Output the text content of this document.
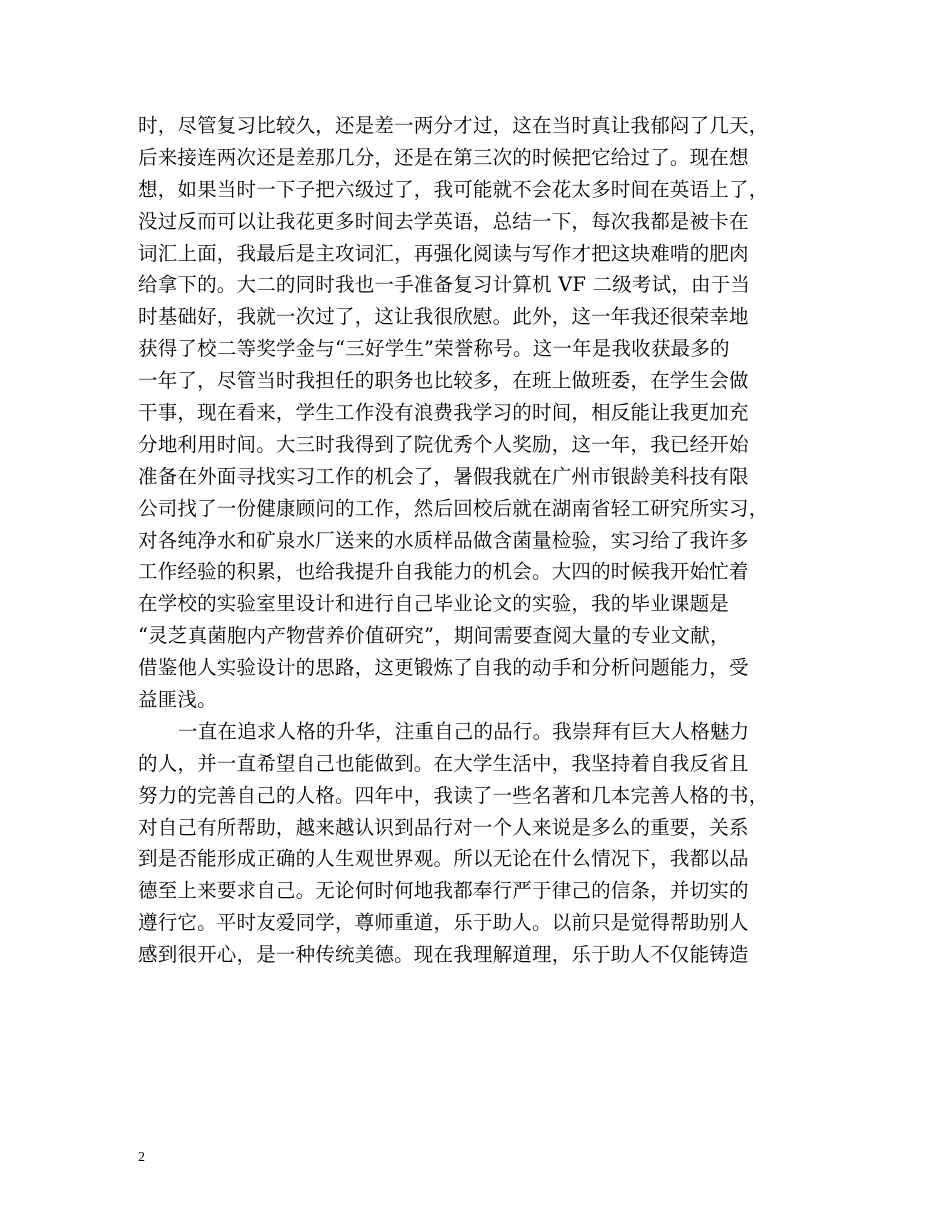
时，尽管复习比较久，还是差一两分才过，这在当时真让我郁闷了几天，
后来接连两次还是差那几分，还是在第三次的时候把它给过了。现在想
想，如果当时一下子把六级过了，我可能就不会花太多时间在英语上了，
没过反而可以让我花更多时间去学英语，总结一下，每次我都是被卡在
词汇上面，我最后是主攻词汇，再强化阅读与写作才把这块难啃的肥肉
给拿下的。大二的同时我也一手准备复习计算机 VF 二级考试，由于当
时基础好，我就一次过了，这让我很欣慰。此外，这一年我还很荣幸地
获得了校二等奖学金与“三好学生”荣誉称号。这一年是我收获最多的
一年了，尽管当时我担任的职务也比较多，在班上做班委，在学生会做
干事，现在看来，学生工作没有浪费我学习的时间，相反能让我更加充
分地利用时间。大三时我得到了院优秀个人奖励，这一年，我已经开始
准备在外面寻找实习工作的机会了，暑假我就在广州市银龄美科技有限
公司找了一份健康顾问的工作，然后回校后就在湖南省轻工研究所实习，
对各纯净水和矿泉水厂送来的水质样品做含菌量检验，实习给了我许多
工作经验的积累，也给我提升自我能力的机会。大四的时候我开始忙着
在学校的实验室里设计和进行自己毕业论文的实验，我的毕业课题是
“灵芝真菌胞内产物营养价值研究”，期间需要查阅大量的专业文献，
借鉴他人实验设计的思路，这更锻炼了自我的动手和分析问题能力，受
益匪浅。
一直在追求人格的升华，注重自己的品行。我崇拜有巨大人格魅力
的人，并一直希望自己也能做到。在大学生活中，我坚持着自我反省且
努力的完善自己的人格。四年中，我读了一些名著和几本完善人格的书，
对自己有所帮助，越来越认识到品行对一个人来说是多么的重要，关系
到是否能形成正确的人生观世界观。所以无论在什么情况下，我都以品
德至上来要求自己。无论何时何地我都奉行严于律己的信条，并切实的
遵行它。平时友爱同学，尊师重道，乐于助人。以前只是觉得帮助别人
感到很开心，是一种传统美德。现在我理解道理，乐于助人不仅能铸造
2
